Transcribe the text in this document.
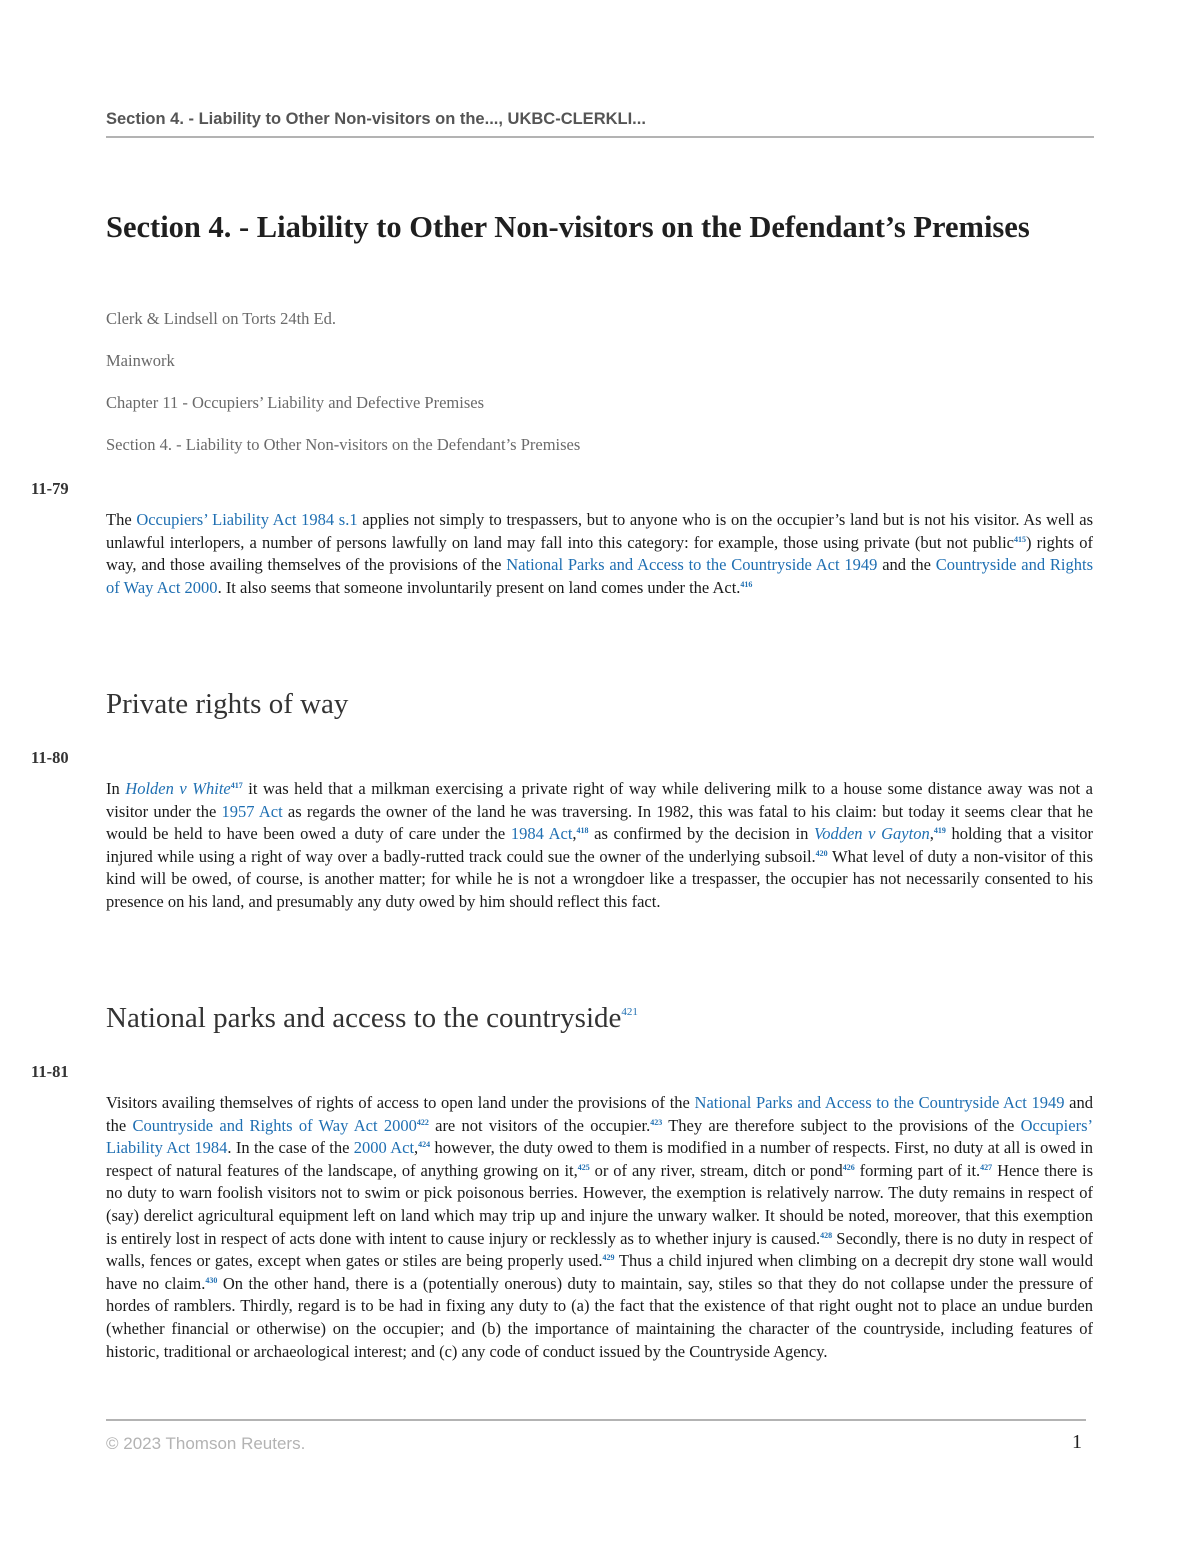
Section 4. - Liability to Other Non-visitors on the..., UKBC-CLERKLI...
Section 4. - Liability to Other Non-visitors on the Defendant’s Premises

Clerk & Lindsell on Torts 24th Ed.

Mainwork

Chapter 11 - Occupiers’ Liability and Defective Premises

Section 4. - Liability to Other Non-visitors on the Defendant’s Premises

11-79

The Occupiers’ Liability Act 1984 s.1 applies not simply to trespassers, but to anyone who is on the occupier’s land but is not his visitor. As well as unlawful interlopers, a number of persons lawfully on land may fall into this category: for example, those using private (but not public$^{415}$) rights of way, and those availing themselves of the provisions of the National Parks and Access to the Countryside Act 1949 and the Countryside and Rights of Way Act 2000. It also seems that someone involuntarily present on land comes under the Act.$^{416}$

Private rights of way

11-80

In Holden v White$^{417}$ it was held that a milkman exercising a private right of way while delivering milk to a house some distance away was not a visitor under the 1957 Act as regards the owner of the land he was traversing. In 1982, this was fatal to his claim: but today it seems clear that he would be held to have been owed a duty of care under the 1984 Act,$^{418}$ as confirmed by the decision in Vodden v Gayton,$^{419}$ holding that a visitor injured while using a right of way over a badly-rutted track could sue the owner of the underlying subsoil.$^{420}$ What level of duty a non-visitor of this kind will be owed, of course, is another matter; for while he is not a wrongdoer like a trespasser, the occupier has not necessarily consented to his presence on his land, and presumably any duty owed by him should reflect this fact.

National parks and access to the countryside$^{421}$

11-81

Visitors availing themselves of rights of access to open land under the provisions of the National Parks and Access to the Countryside Act 1949 and the Countryside and Rights of Way Act 2000$^{422}$ are not visitors of the occupier.$^{423}$ They are therefore subject to the provisions of the Occupiers’ Liability Act 1984. In the case of the 2000 Act,$^{424}$ however, the duty owed to them is modified in a number of respects. First, no duty at all is owed in respect of natural features of the landscape, of anything growing on it,$^{425}$ or of any river, stream, ditch or pond$^{426}$ forming part of it.$^{427}$ Hence there is no duty to warn foolish visitors not to swim or pick poisonous berries. However, the exemption is relatively narrow. The duty remains in respect of (say) derelict agricultural equipment left on land which may trip up and injure the unwary walker. It should be noted, moreover, that this exemption is entirely lost in respect of acts done with intent to cause injury or recklessly as to whether injury is caused.$^{428}$ Secondly, there is no duty in respect of walls, fences or gates, except when gates or stiles are being properly used.$^{429}$ Thus a child injured when climbing on a decrepit dry stone wall would have no claim.$^{430}$ On the other hand, there is a (potentially onerous) duty to maintain, say, stiles so that they do not collapse under the pressure of hordes of ramblers. Thirdly, regard is to be had in fixing any duty to (a) the fact that the existence of that right ought not to place an undue burden (whether financial or otherwise) on the occupier; and (b) the importance of maintaining the character of the countryside, including features of historic, traditional or archaeological interest; and (c) any code of conduct issued by the Countryside Agency.

© 2023 Thomson Reuters.	1
